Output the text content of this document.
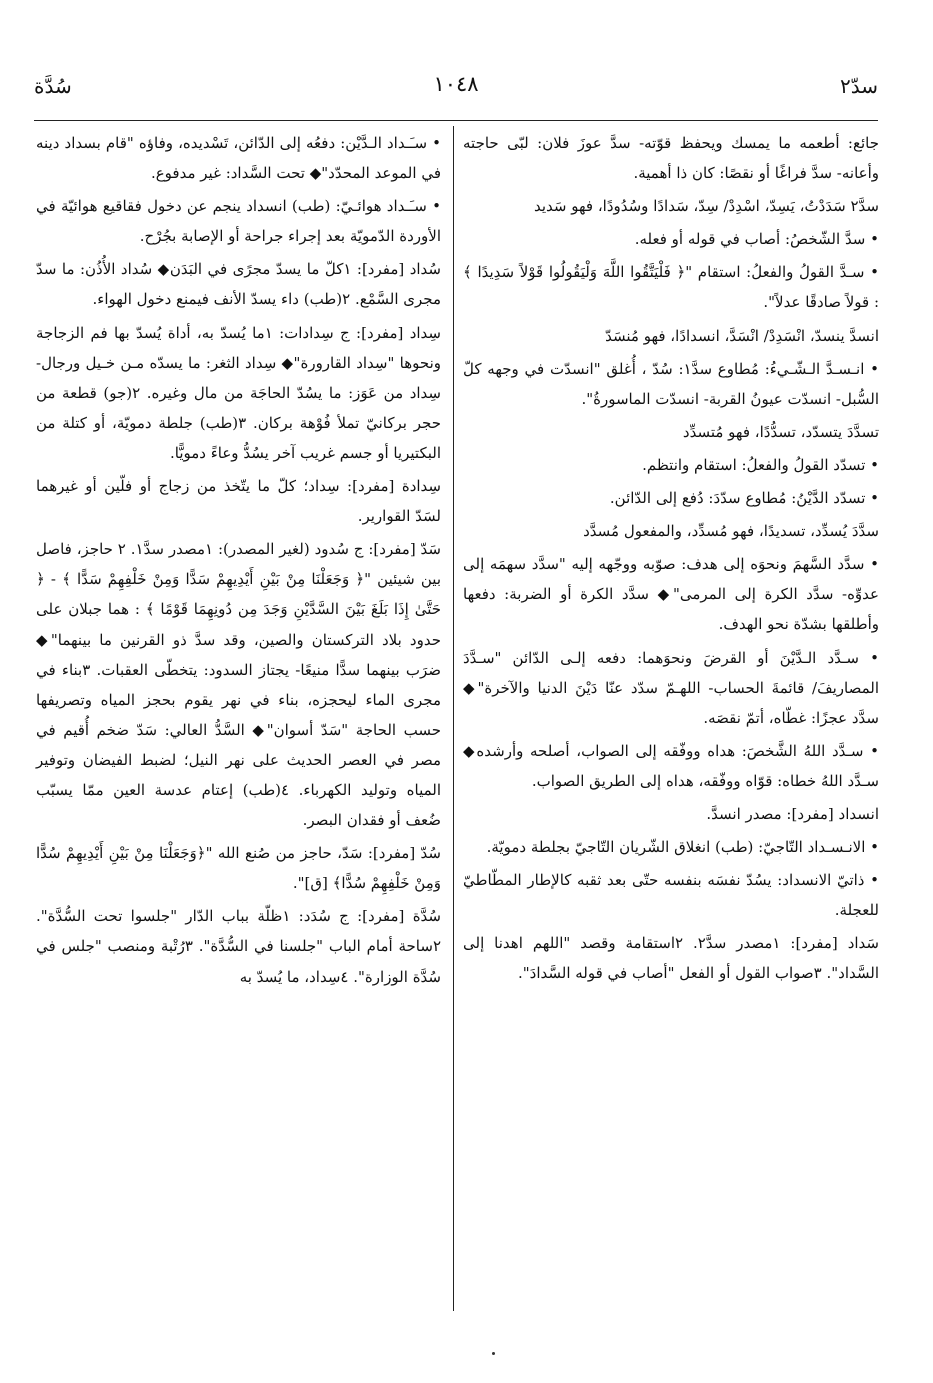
سدّ٢
١٠٤٨
سُدَّة

جائع: أطعمه ما يمسك ويحفظ قوّته- سدَّ عوزَ فلان: لبّى حاجته وأعانه- سدَّ فراغًا أو نقصًا: كان ذا أهمية.

سدَّ٢ سَدَدْتُ، يَسِدّ، اسْدِدْ/ سِدّ، سَدادًا وسُدُودًا، فهو سَديد

• سدَّ الشّخصُ: أصاب في قوله أو فعله.

• سـدَّ القولُ والفعلُ: استقام "﴿ فَلْيَتَّقُوا اللَّهَ وَلْيَقُولُوا قَوْلاً سَدِيدًا ﴾ : قولاً صادقًا عدلاً".

انسدَّ ينسدّ، انْسَدِدْ/ انْسَدَّ، انسدادًا، فهو مُنسَدّ

• انـسـدَّ الـشّـيءُ: مُطاوع سدَّ١: سُدّ ، أُغلق "انسدّت في وجهه كلّ السُّبل- انسدّت عيونُ القربة- انسدّت الماسورةُ".

تسدَّدَ يتسدّد، تسدُّدًا، فهو مُتسدِّد

• تسدّد القولُ والفعلُ: استقام وانتظم.

• تسدّد الدَّيْنُ: مُطاوع سدّدَ: دُفع إلى الدّائن.

سدَّدَ يُسدِّد، تسديدًا، فهو مُسدِّد، والمفعول مُسدَّد

• سدَّد السَّهمَ ونحوَه إلى هدف: صوّبه ووجّهه إليه "سدَّد سهمَه إلى عدوِّه- سدَّد الكرة إلى المرمى"◆ سدَّد الكرة أو الضربة: دفعها وأطلقها بشدّة نحو الهدف.

• سـدَّد الـدَّيْنَ أو القرضَ ونحوَهما: دفعه إلـى الدّائن "سـدَّدَ المصاريفَ/ قائمةَ الحساب- اللهـمّ سدّد عنّا دَيْنَ الدنيا والآخرة"◆ سدَّد عجزًا: غطّاه، أتمّ نقصَه.

• سـدَّد اللهُ الشَّخصَ: هداه ووفّقه إلى الصواب، أصلحه وأرشده◆ سـدَّد اللهُ خطاه: قوّاه ووفّقه، هداه إلى الطريق الصواب.

انسداد [مفرد]: مصدر انسدَّ.

• الانـسـداد التّاجيّ: (طب) انغلاق الشّريان التّاجيّ بجلطة دمويّة.

• ذاتيّ الانسداد: يسُدّ نفسَه بنفسه حتّى بعد ثقبه كالإطار المطّاطيّ للعجلة.

سَداد [مفرد]: ١مصدر سدَّ٢. ٢استقامة وقصد "اللهم اهدنا إلى السَّداد". ٣صواب القول أو الفعل "أصاب في قوله السَّدادَ".

• سـَـداد الـدَّيْن: دفعُه إلى الدّائن، تَسْديده، وفاؤه "قام بسداد دينه في الموعد المحدّد"◆ تحت السَّداد: غير مدفوع.

• سـَـداد هوائـيّ: (طب) انسداد ينجم عن دخول فقاقيع هوائيّة في الأوردة الدّمويّة بعد إجراء جراحة أو الإصابة بجُرْح.

سُداد [مفرد]: ١كلّ ما يسدّ مجرًى في البَدَن◆ سُداد الأُذُن: ما سدّ مجرى السَّمْع. ٢(طب) داء يسدّ الأنف فيمنع دخول الهواء.

سِداد [مفرد]: ج سِدادات: ١ما يُسدّ به، أداة يُسدّ بها فم الزجاجة ونحوها "سِداد القارورة"◆ سِداد الثغر: ما يسدّه مـن خـيل ورجال- سِداد من عَوَز: ما يسُدّ الحاجَة من مال وغيره. ٢(جو) قطعة من حجر بركانيّ تملأ فُوْهة بركان. ٣(طب) جلطة دمويّة، أو كتلة من البكتيريا أو جسم غريب آخر يسُدُّ وعاءً دمويًّا.

سِدادة [مفرد]: سِداد؛ كلّ ما يتّخذ من زجاج أو فلّين أو غيرهما لسَدّ القوارير.

سَدّ [مفرد]: ج سُدود (لغير المصدر): ١مصدر سدَّ١. ٢ حاجز، فاصل بين شيئين "﴿ وَجَعَلْنَا مِنْ بَيْنِ أَيْدِيهِمْ سَدًّا وَمِنْ خَلْفِهِمْ سَدًّا ﴾ - ﴿ حَتَّىٰ إِذَا بَلَغَ بَيْنَ السَّدَّيْنِ وَجَدَ مِن دُونِهِمَا قَوْمًا ﴾ : هما جبلان على حدود بلاد التركستان والصين، وقد سدَّ ذو القرنين ما بينهما"◆ ضرَب بينهما سدًّا منيعًا- يجتاز السدود: يتخطّى العقبات. ٣بناء في مجرى الماء ليحجزه، بناء في نهر يقوم بحجز المياه وتصريفها حسب الحاجة "سَدّ أسوان"◆ السَّدُّ العالي: سَدّ ضخم أُقيم في مصر في العصر الحديث على نهر النيل؛ لضبط الفيضان وتوفير المياه وتوليد الكهرباء. ٤(طب) إعتام عدسة العين ممّا يسبّب ضُعف أو فقدان البصر.

سُدّ [مفرد]: سَدّ، حاجز من صُنع الله "﴿وَجَعَلْنَا مِنْ بَيْنِ أَيْدِيهِمْ سُدًّا وَمِنْ خَلْفِهِمْ سُدًّا﴾ [ق]".

سُدَّة [مفرد]: ج سُدَد: ١ظلّة بباب الدّار "جلسوا تحت السُّدَّة". ٢ساحة أمام الباب "جلسنا في السُّدَّة". ٣رُتْبة ومنصب "جلس في سُدَّة الوزارة". ٤سِداد، ما يُسدّ به
